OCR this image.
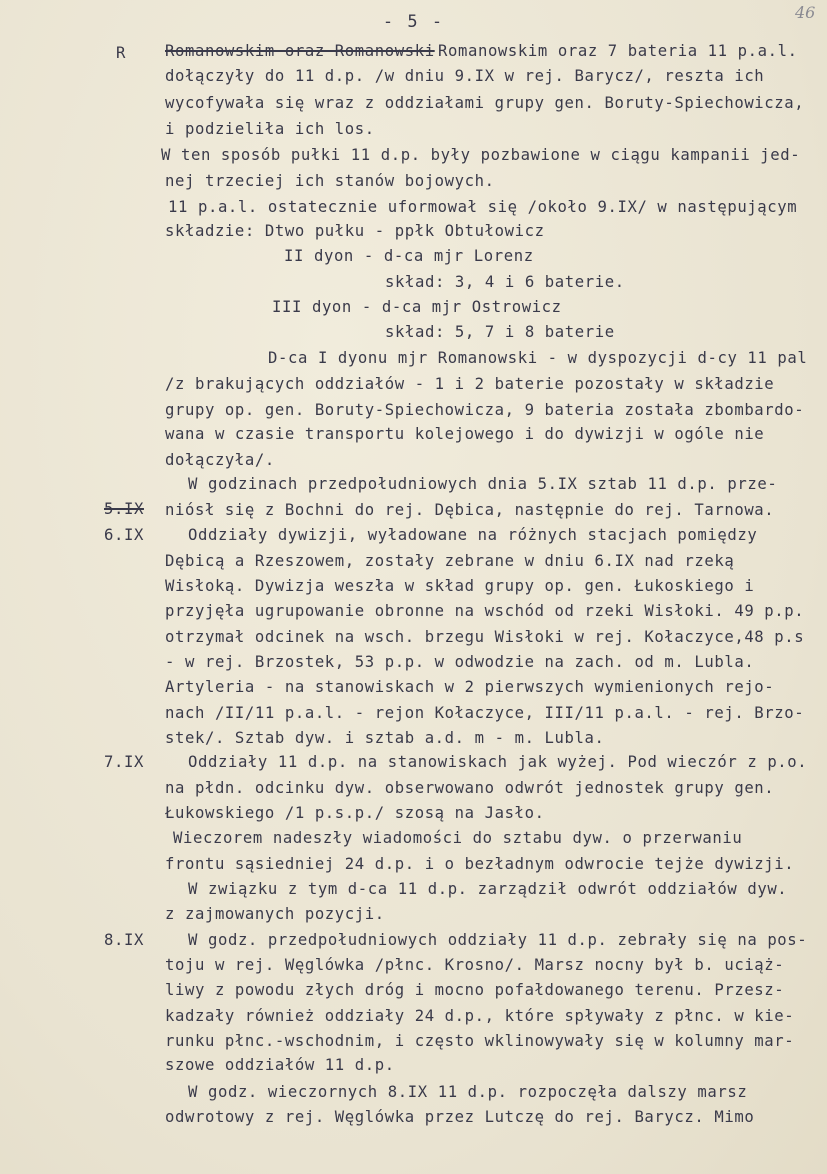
- 5 -	46
R
5.IX
6.IX
7.IX
8.IX
Romanowskim oraz Romanowski Romanowskim oraz 7 bateria 11 p.a.l.
dołączyły do 11 d.p. /w dniu 9.IX w rej. Barycz/, reszta ich
wycofywała się wraz z oddziałami grupy gen. Boruty-Spiechowicza,
i podzieliła ich los.
W ten sposób pułki 11 d.p. były pozbawione w ciągu kampanii jed-
nej trzeciej ich stanów bojowych.
11 p.a.l. ostatecznie uformował się /około 9.IX/ w następującym
składzie: Dtwo pułku - ppłk Obtułowicz
II dyon - d-ca mjr Lorenz
skład: 3, 4 i 6 baterie.
III dyon - d-ca mjr Ostrowicz
skład: 5, 7 i 8 baterie
D-ca I dyonu mjr Romanowski - w dyspozycji d-cy 11 pal
/z brakujących oddziałów - 1 i 2 baterie pozostały w składzie
grupy op. gen. Boruty-Spiechowicza, 9 bateria została zbombardo-
wana w czasie transportu kolejowego i do dywizji w ogóle nie
dołączyła/.
W godzinach przedpołudniowych dnia 5.IX sztab 11 d.p. prze-
niósł się z Bochni do rej. Dębica, następnie do rej. Tarnowa.
Oddziały dywizji, wyładowane na różnych stacjach pomiędzy
Dębicą a Rzeszowem, zostały zebrane w dniu 6.IX nad rzeką
Wisłoką. Dywizja weszła w skład grupy op. gen. Łukoskiego i
przyjęła ugrupowanie obronne na wschód od rzeki Wisłoki. 49 p.p.
otrzymał odcinek na wsch. brzegu Wisłoki w rej. Kołaczyce,48 p.s
- w rej. Brzostek, 53 p.p. w odwodzie na zach. od m. Lubla.
Artyleria - na stanowiskach w 2 pierwszych wymienionych rejo-
nach /II/11 p.a.l. - rejon Kołaczyce, III/11 p.a.l. - rej. Brzo-
stek/. Sztab dyw. i sztab a.d. m - m. Lubla.
Oddziały 11 d.p. na stanowiskach jak wyżej. Pod wieczór z p.o.
na płdn. odcinku dyw. obserwowano odwrót jednostek grupy gen.
Łukowskiego /1 p.s.p./ szosą na Jasło.
Wieczorem nadeszły wiadomości do sztabu dyw. o przerwaniu
frontu sąsiedniej 24 d.p. i o bezładnym odwrocie tejże dywizji.
W związku z tym d-ca 11 d.p. zarządził odwrót oddziałów dyw.
z zajmowanych pozycji.
W godz. przedpołudniowych oddziały 11 d.p. zebrały się na pos-
toju w rej. Węglówka /płnc. Krosno/. Marsz nocny był b. uciąż-
liwy z powodu złych dróg i mocno pofałdowanego terenu. Przesz-
kadzały również oddziały 24 d.p., które spływały z płnc. w kie-
runku płnc.-wschodnim, i często wklinowywały się w kolumny mar-
szowe oddziałów 11 d.p.
W godz. wieczornych 8.IX 11 d.p. rozpoczęła dalszy marsz
odwrotowy z rej. Węglówka przez Lutczę do rej. Barycz. Mimo
